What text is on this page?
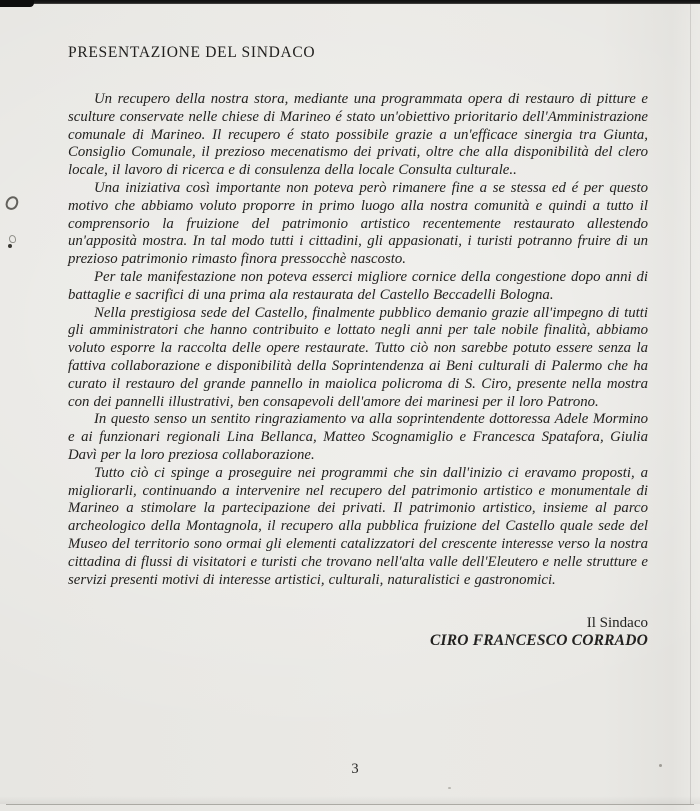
PRESENTAZIONE DEL SINDACO

Un recupero della nostra stora, mediante una programmata opera di restauro di pitture e sculture conservate nelle chiese di Marineo é stato un'obiettivo prioritario dell'Amministrazione comunale di Marineo. Il recupero é stato possibile grazie a un'efficace sinergia tra Giunta, Consiglio Comunale, il prezioso mecenatismo dei privati, oltre che alla disponibilità del clero locale, il lavoro di ricerca e di consulenza della locale Consulta culturale..

Una iniziativa così importante non poteva però rimanere fine a se stessa ed é per questo motivo che abbiamo voluto proporre in primo luogo alla nostra comunità e quindi a tutto il comprensorio la fruizione del patrimonio artistico recentemente restaurato allestendo un'apposità mostra. In tal modo tutti i cittadini, gli appasionati, i turisti potranno fruire di un prezioso patrimonio rimasto finora pressocchè nascosto.

Per tale manifestazione non poteva esserci migliore cornice della congestione dopo anni di battaglie e sacrifici di una prima ala restaurata del Castello Beccadelli Bologna.

Nella prestigiosa sede del Castello, finalmente pubblico demanio grazie all'impegno di tutti gli amministratori che hanno contribuito e lottato negli anni per tale nobile finalità, abbiamo voluto esporre la raccolta delle opere restaurate. Tutto ciò non sarebbe potuto essere senza la fattiva collaborazione e disponibilità della Soprintendenza ai Beni culturali di Palermo che ha curato il restauro del grande pannello in maiolica policroma di S. Ciro, presente nella mostra con dei pannelli illustrativi, ben consapevoli dell'amore dei marinesi per il loro Patrono.

In questo senso un sentito ringraziamento va alla soprintendente dottoressa Adele Mormino e ai funzionari regionali Lina Bellanca, Matteo Scognamiglio e Francesca Spatafora, Giulia Davì per la loro preziosa collaborazione.

Tutto ciò ci spinge a proseguire nei programmi che sin dall'inizio ci eravamo proposti, a migliorarli, continuando a intervenire nel recupero del patrimonio artistico e monumentale di Marineo a stimolare la partecipazione dei privati. Il patrimonio artistico, insieme al parco archeologico della Montagnola, il recupero alla pubblica fruizione del Castello quale sede del Museo del territorio sono ormai gli elementi catalizzatori del crescente interesse verso la nostra cittadina di flussi di visitatori e turisti che trovano nell'alta valle dell'Eleutero e nelle strutture e servizi presenti motivi di interesse artistici, culturali, naturalistici e gastronomici.

Il Sindaco
CIRO FRANCESCO CORRADO
3
